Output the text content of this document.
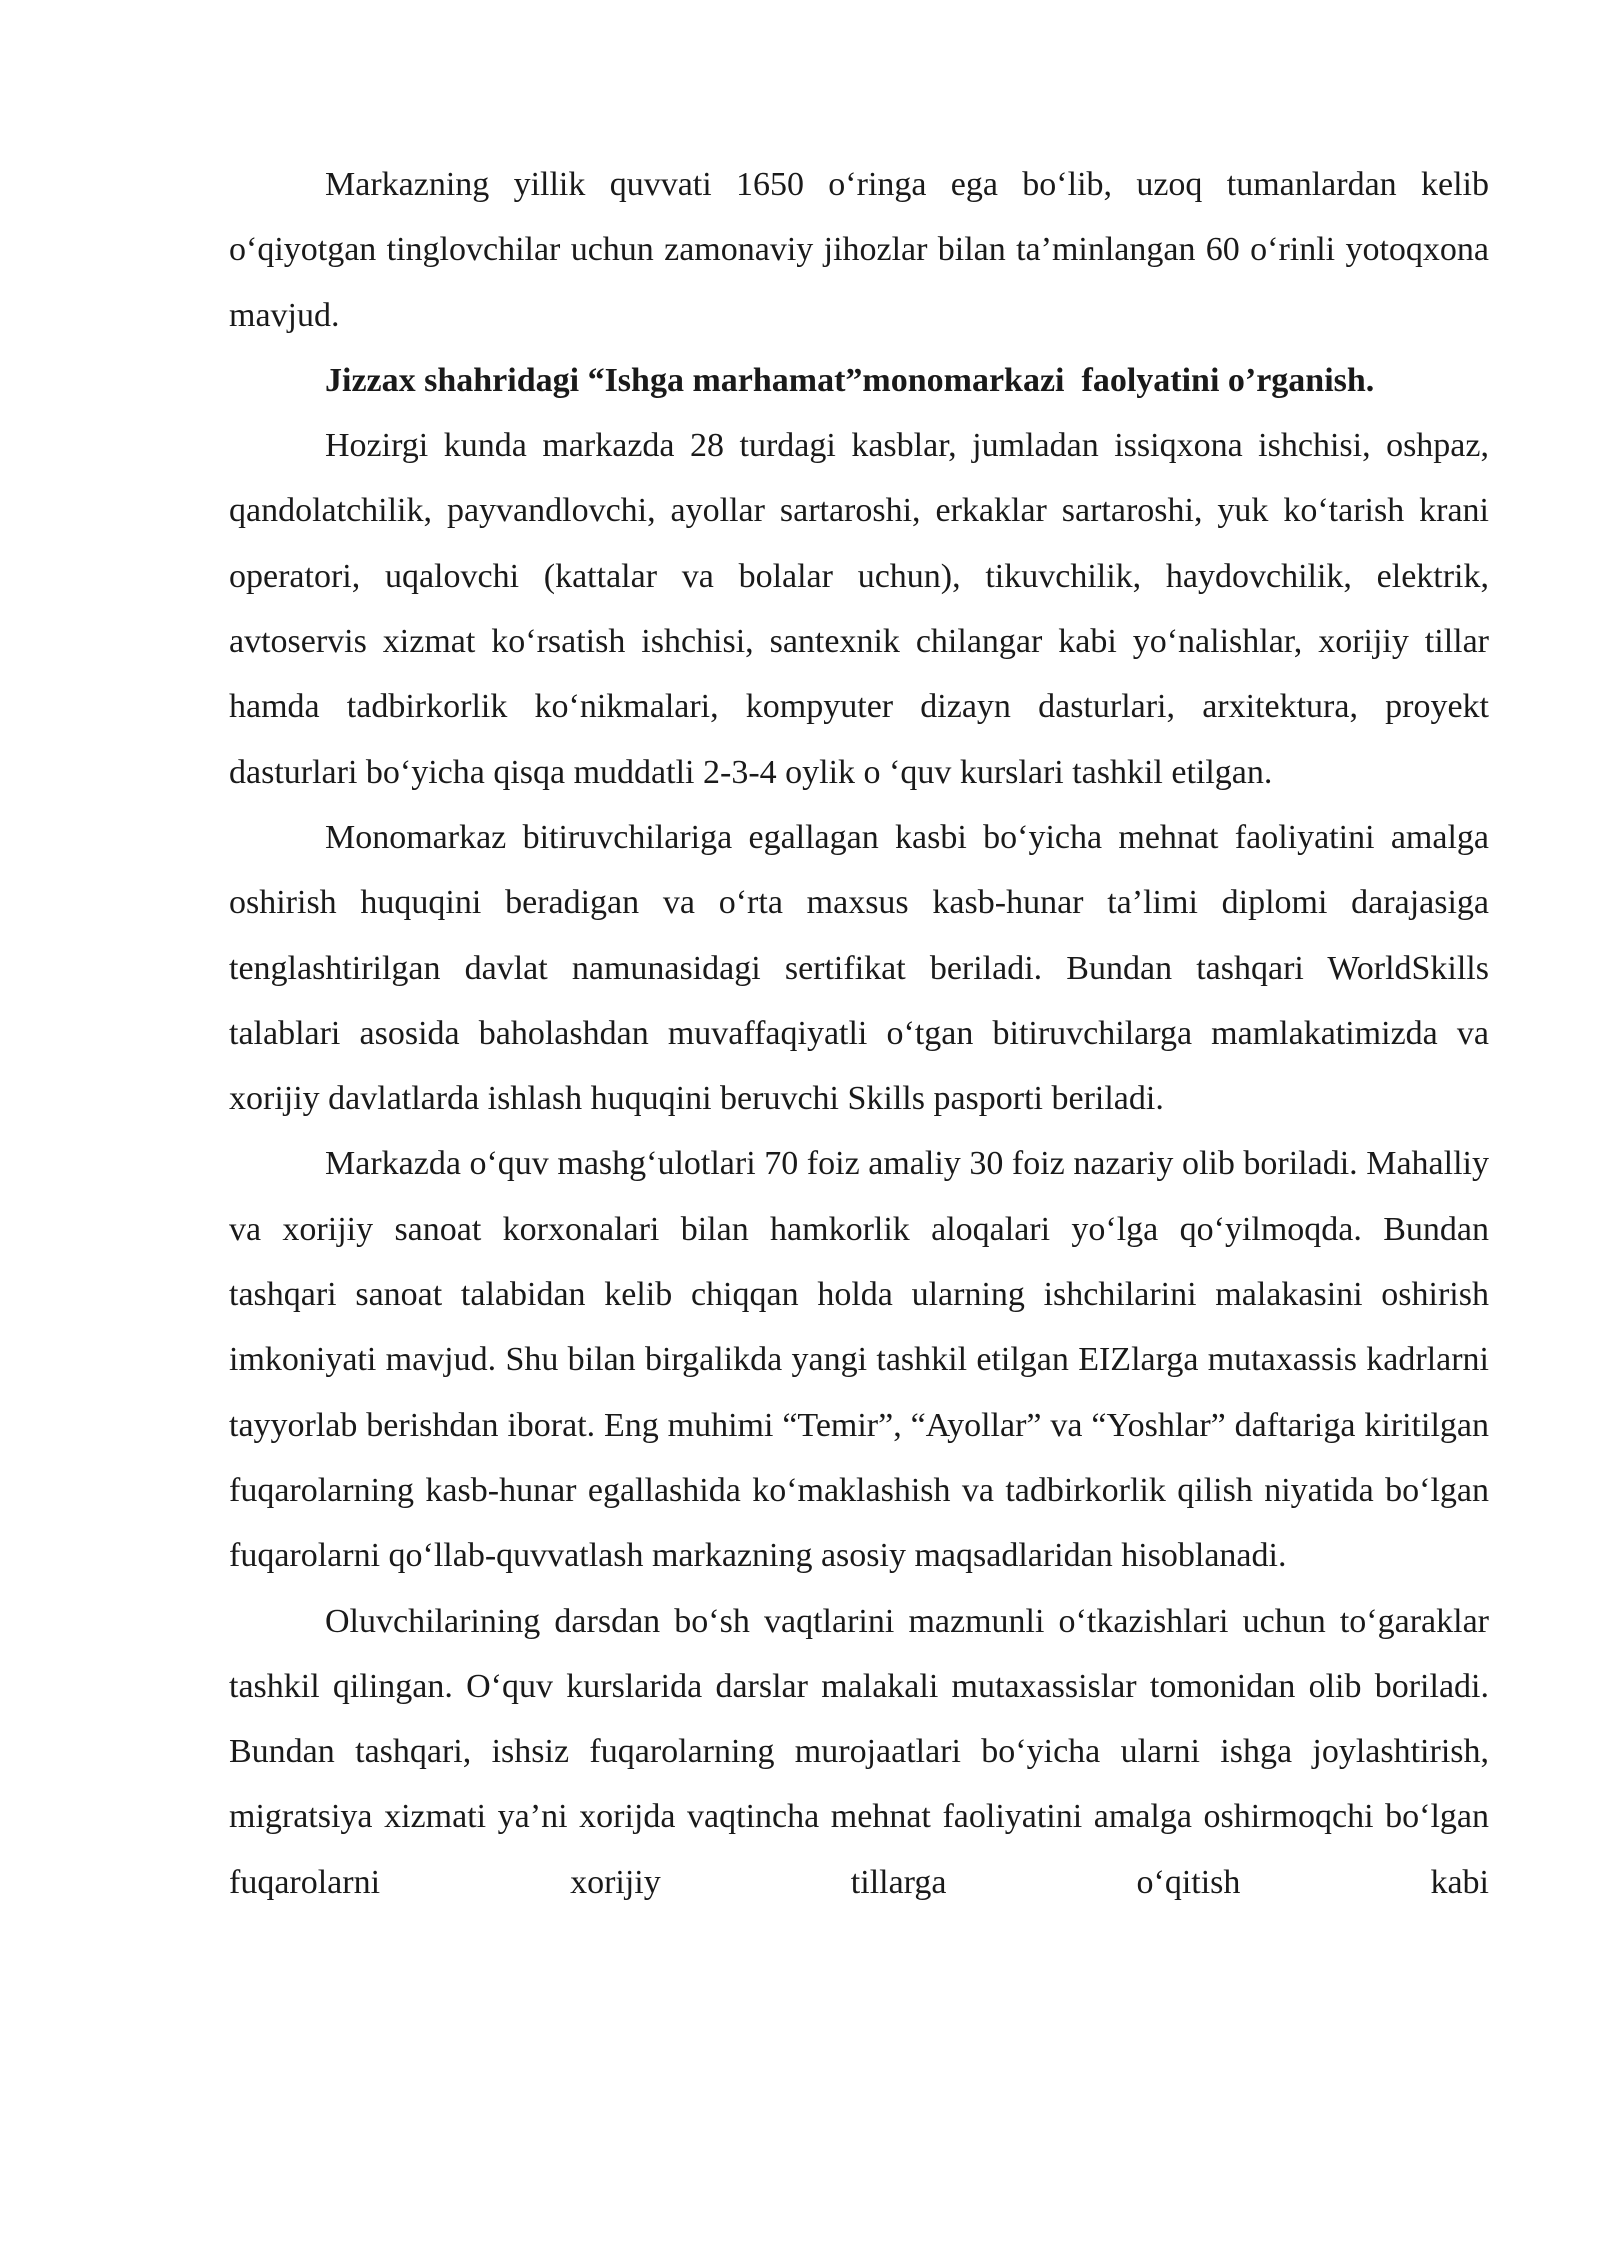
Markazning yillik quvvati 1650 o‘ringa ega bo‘lib, uzoq tumanlardan kelib o‘qiyotgan tinglovchilar uchun zamonaviy jihozlar bilan ta’minlangan 60 o‘rinli yotoqxona mavjud.

Jizzax shahridagi “Ishga marhamat”monomarkazi  faolyatini o’rganish.

Hozirgi kunda markazda 28 turdagi kasblar, jumladan issiqxona ishchisi, oshpaz, qandolatchilik, payvandlovchi, ayollar sartaroshi, erkaklar sartaroshi, yuk ko‘tarish krani operatori, uqalovchi (kattalar va bolalar uchun), tikuvchilik, haydovchilik, elektrik, avtoservis xizmat ko‘rsatish ishchisi, santexnik chilangar kabi yo‘nalishlar, xorijiy tillar hamda tadbirkorlik ko‘nikmalari, kompyuter dizayn dasturlari, arxitektura, proyekt dasturlari bo‘yicha qisqa muddatli 2-3-4 oylik o ‘quv kurslari tashkil etilgan.

Monomarkaz bitiruvchilariga egallagan kasbi bo‘yicha mehnat faoliyatini amalga oshirish huquqini beradigan va o‘rta maxsus kasb-hunar ta’limi diplomi darajasiga tenglashtirilgan davlat namunasidagi sertifikat beriladi. Bundan tashqari WorldSkills talablari asosida baholashdan muvaffaqiyatli o‘tgan bitiruvchilarga mamlakatimizda va xorijiy davlatlarda ishlash huquqini beruvchi Skills pasporti beriladi.

Markazda o‘quv mashg‘ulotlari 70 foiz amaliy 30 foiz nazariy olib boriladi. Mahalliy va xorijiy sanoat korxonalari bilan hamkorlik aloqalari yo‘lga qo‘yilmoqda. Bundan tashqari sanoat talabidan kelib chiqqan holda ularning ishchilarini malakasini oshirish imkoniyati mavjud. Shu bilan birgalikda yangi tashkil etilgan EIZlarga mutaxassis kadrlarni tayyorlab berishdan iborat. Eng muhimi “Temir”, “Ayollar” va “Yoshlar” daftariga kiritilgan fuqarolarning kasb-hunar egallashida ko‘maklashish va tadbirkorlik qilish niyatida bo‘lgan fuqarolarni qo‘llab-quvvatlash markazning asosiy maqsadlaridan hisoblanadi.

Oluvchilarining darsdan bo‘sh vaqtlarini mazmunli o‘tkazishlari uchun to‘garaklar tashkil qilingan. O‘quv kurslarida darslar malakali mutaxassislar tomonidan olib boriladi. Bundan tashqari, ishsiz fuqarolarning murojaatlari bo‘yicha ularni ishga joylashtirish, migratsiya xizmati ya’ni xorijda vaqtincha mehnat faoliyatini amalga oshirmoqchi bo‘lgan fuqarolarni xorijiy tillarga o‘qitish kabi
